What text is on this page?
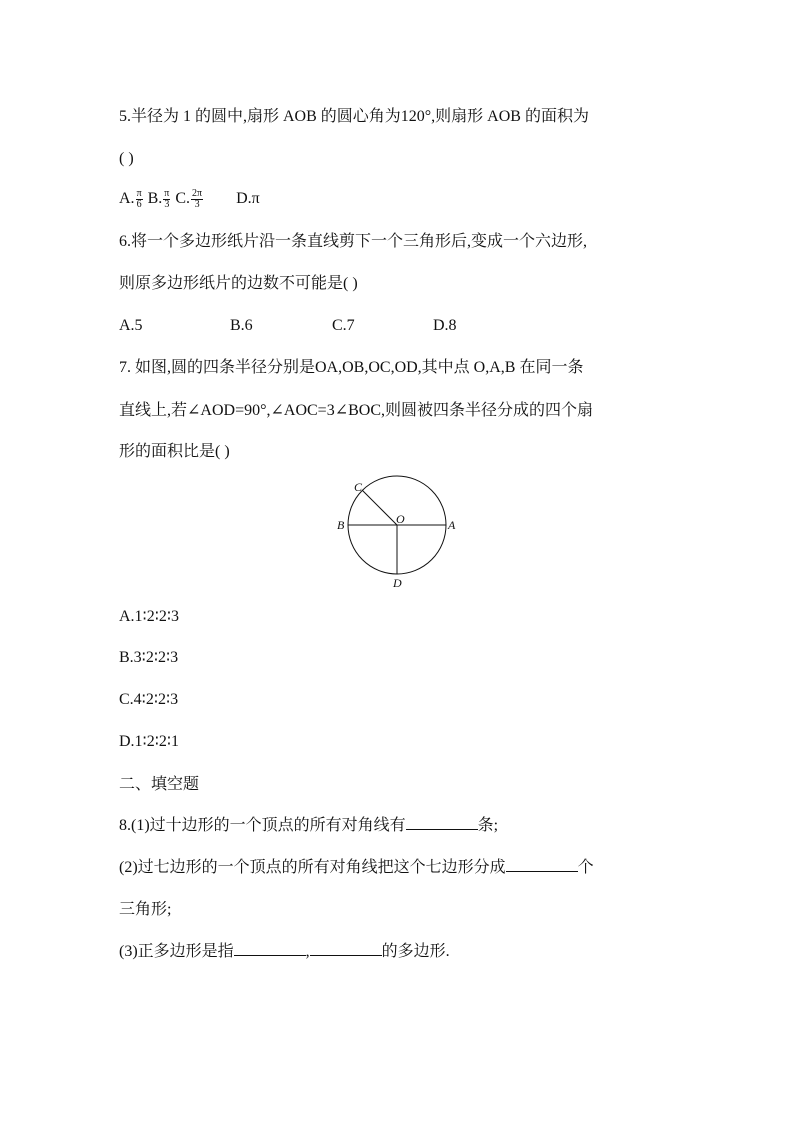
5.半径为 1 的圆中,扇形 AOB 的圆心角为120°,则扇形 AOB 的面积为
( )
A. $\frac{\pi}{6} B$. $\frac{\pi}{3} C$. $\frac{2\pi}{3} D.\pi$
6.将一个多边形纸片沿一条直线剪下一个三角形后,变成一个六边形,
则原多边形纸片的边数不可能是( )
A.5	B.6	C.7	D.8
7. 如图,圆的四条半径分别是OA,OB,OC,OD,其中点 O,A,B 在同一条
直线上,若∠AOD=90°,∠AOC=3∠BOC,则圆被四条半径分成的四个扇
形的面积比是( )
C
B	O	A
D
A.1∶2∶2∶3
B.3∶2∶2∶3
C.4∶2∶2∶3
D.1∶2∶2∶1
二、填空题
8.(1)过十边形的一个顶点的所有对角线有	条;
(2)过七边形的一个顶点的所有对角线把这个七边形分成	个
三角形;
(3)正多边形是指	,	的多边形.
